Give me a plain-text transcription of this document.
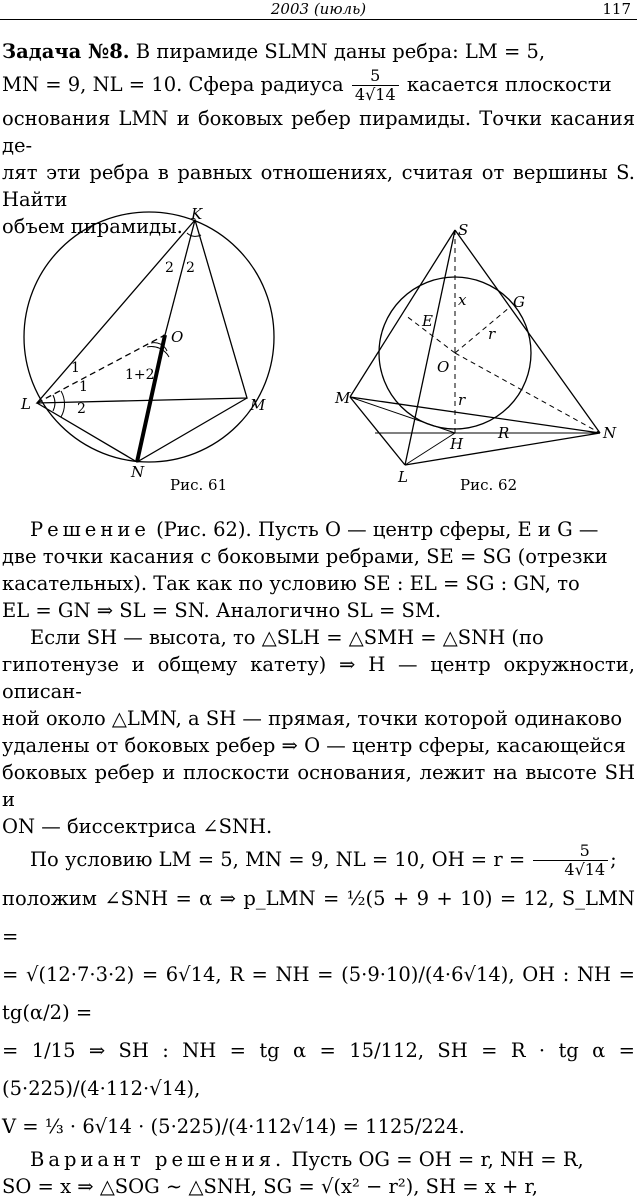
2003 (июль)	117

Задача №8. В пирамиде SLMN даны ребра: LM = 5,

MN = 9, NL = 10. Сфера радиуса $\frac{5}{4√14}$ касается плоскости

основания LMN и боковых ребер пирамиды. Точки касания де-

лят эти ребра в равных отношениях, считая от вершины S. Найти

объем пирамиды.

K
O
L	M
N
1
1
2
2 2
1+2
Рис. 61
S
G
E
x
r
O
r
M
H
R	N
L	Рис. 62

Решение (Рис. 62). Пусть O — центр сферы, E и G —

две точки касания с боковыми ребрами, SE = SG (отрезки

касательных). Так как по условию SE : EL = SG : GN, то

EL = GN ⇒ SL = SN. Аналогично SL = SM.

Если SH — высота, то △SLH = △SMH = △SNH (по

гипотенузе и общему катету) ⇒ H — центр окружности, описан-

ной около △LMN, а SH — прямая, точки которой одинаково

удалены от боковых ребер ⇒ O — центр сферы, касающейся

боковых ребер и плоскости основания, лежит на высоте SH и

ON — биссектриса ∠SNH.

По условию LM = 5, MN = 9, NL = 10, OH = $r = \frac{5}{4√14}$ ;

положим ∠SNH = α ⇒ p_LMN = ½(5 + 9 + 10) = 12, S_LMN =

= √(12·7·3·2) = 6√14, R = NH = (5·9·10)/(4·6√14), OH : NH = tg(α/2) =

= 1/15 ⇒ SH : NH = tg α = 15/112, SH = R · tg α = (5·225)/(4·112·√14),

V = ⅓ · 6√14 · (5·225)/(4·112√14) = 1125/224.

Вариант решения. Пусть OG = OH = r, NH = R,

SO = x ⇒ △SOG ∼ △SNH, SG = √(x² − r²), SH = x + r,
